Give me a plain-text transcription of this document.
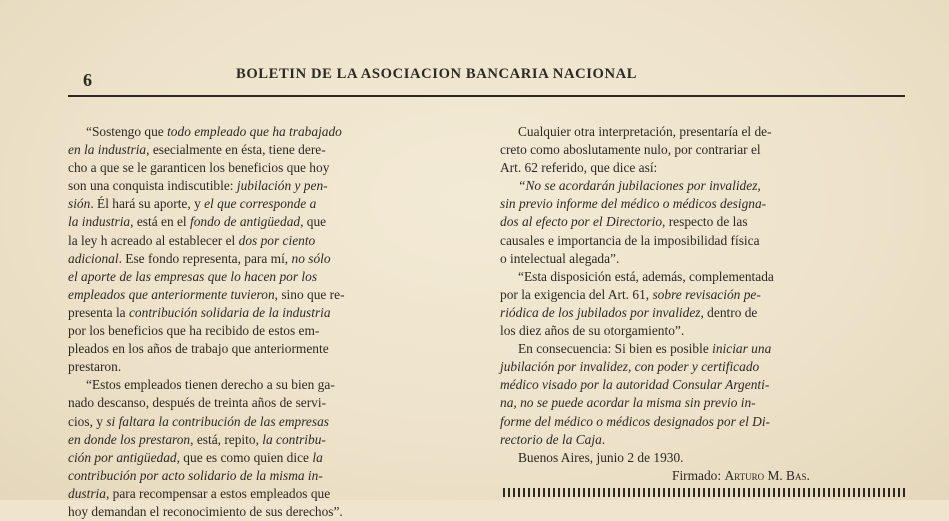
6	BOLETIN DE LA ASOCIACION BANCARIA NACIONAL
“Sostengo que todo empleado que ha trabajado
en la industria, esecialmente en ésta, tiene dere-
cho a que se le garanticen los beneficios que hoy
son una conquista indiscutible: jubilación y pen-
sión. Él hará su aporte, y el que corresponde a
la industria, está en el fondo de antigüedad, que
la ley h acreado al establecer el dos por ciento
adicional. Ese fondo representa, para mí, no sólo
el aporte de las empresas que lo hacen por los
empleados que anteriormente tuvieron, sino que re-
presenta la contribución solidaria de la industria
por los beneficios que ha recibido de estos em-
pleados en los años de trabajo que anteriormente
prestaron.
“Estos empleados tienen derecho a su bien ga-
nado descanso, después de treinta años de servi-
cios, y si faltara la contribución de las empresas
en donde los prestaron, está, repito, la contribu-
ción por antigüedad, que es como quien dice la
contribución por acto solidario de la misma in-
dustria, para recompensar a estos empleados que
hoy demandan el reconocimiento de sus derechos”.
Cualquier otra interpretación, presentaría el de-
creto como aboslutamente nulo, por contrariar el
Art. 62 referido, que dice así:
“No se acordarán jubilaciones por invalidez,
sin previo informe del médico o médicos designa-
dos al efecto por el Directorio, respecto de las
causales e importancia de la imposibilidad física
o intelectual alegada”.
“Esta disposición está, además, complementada
por la exigencia del Art. 61, sobre revisación pe-
riódica de los jubilados por invalidez, dentro de
los diez años de su otorgamiento”.
En consecuencia: Si bien es posible iniciar una
jubilación por invalidez, con poder y certificado
médico visado por la autoridad Consular Argenti-
na, no se puede acordar la misma sin previo in-
forme del médico o médicos designados por el Di-
rectorio de la Caja.
Buenos Aires, junio 2 de 1930.
Firmado: Arturo M. Bas.
